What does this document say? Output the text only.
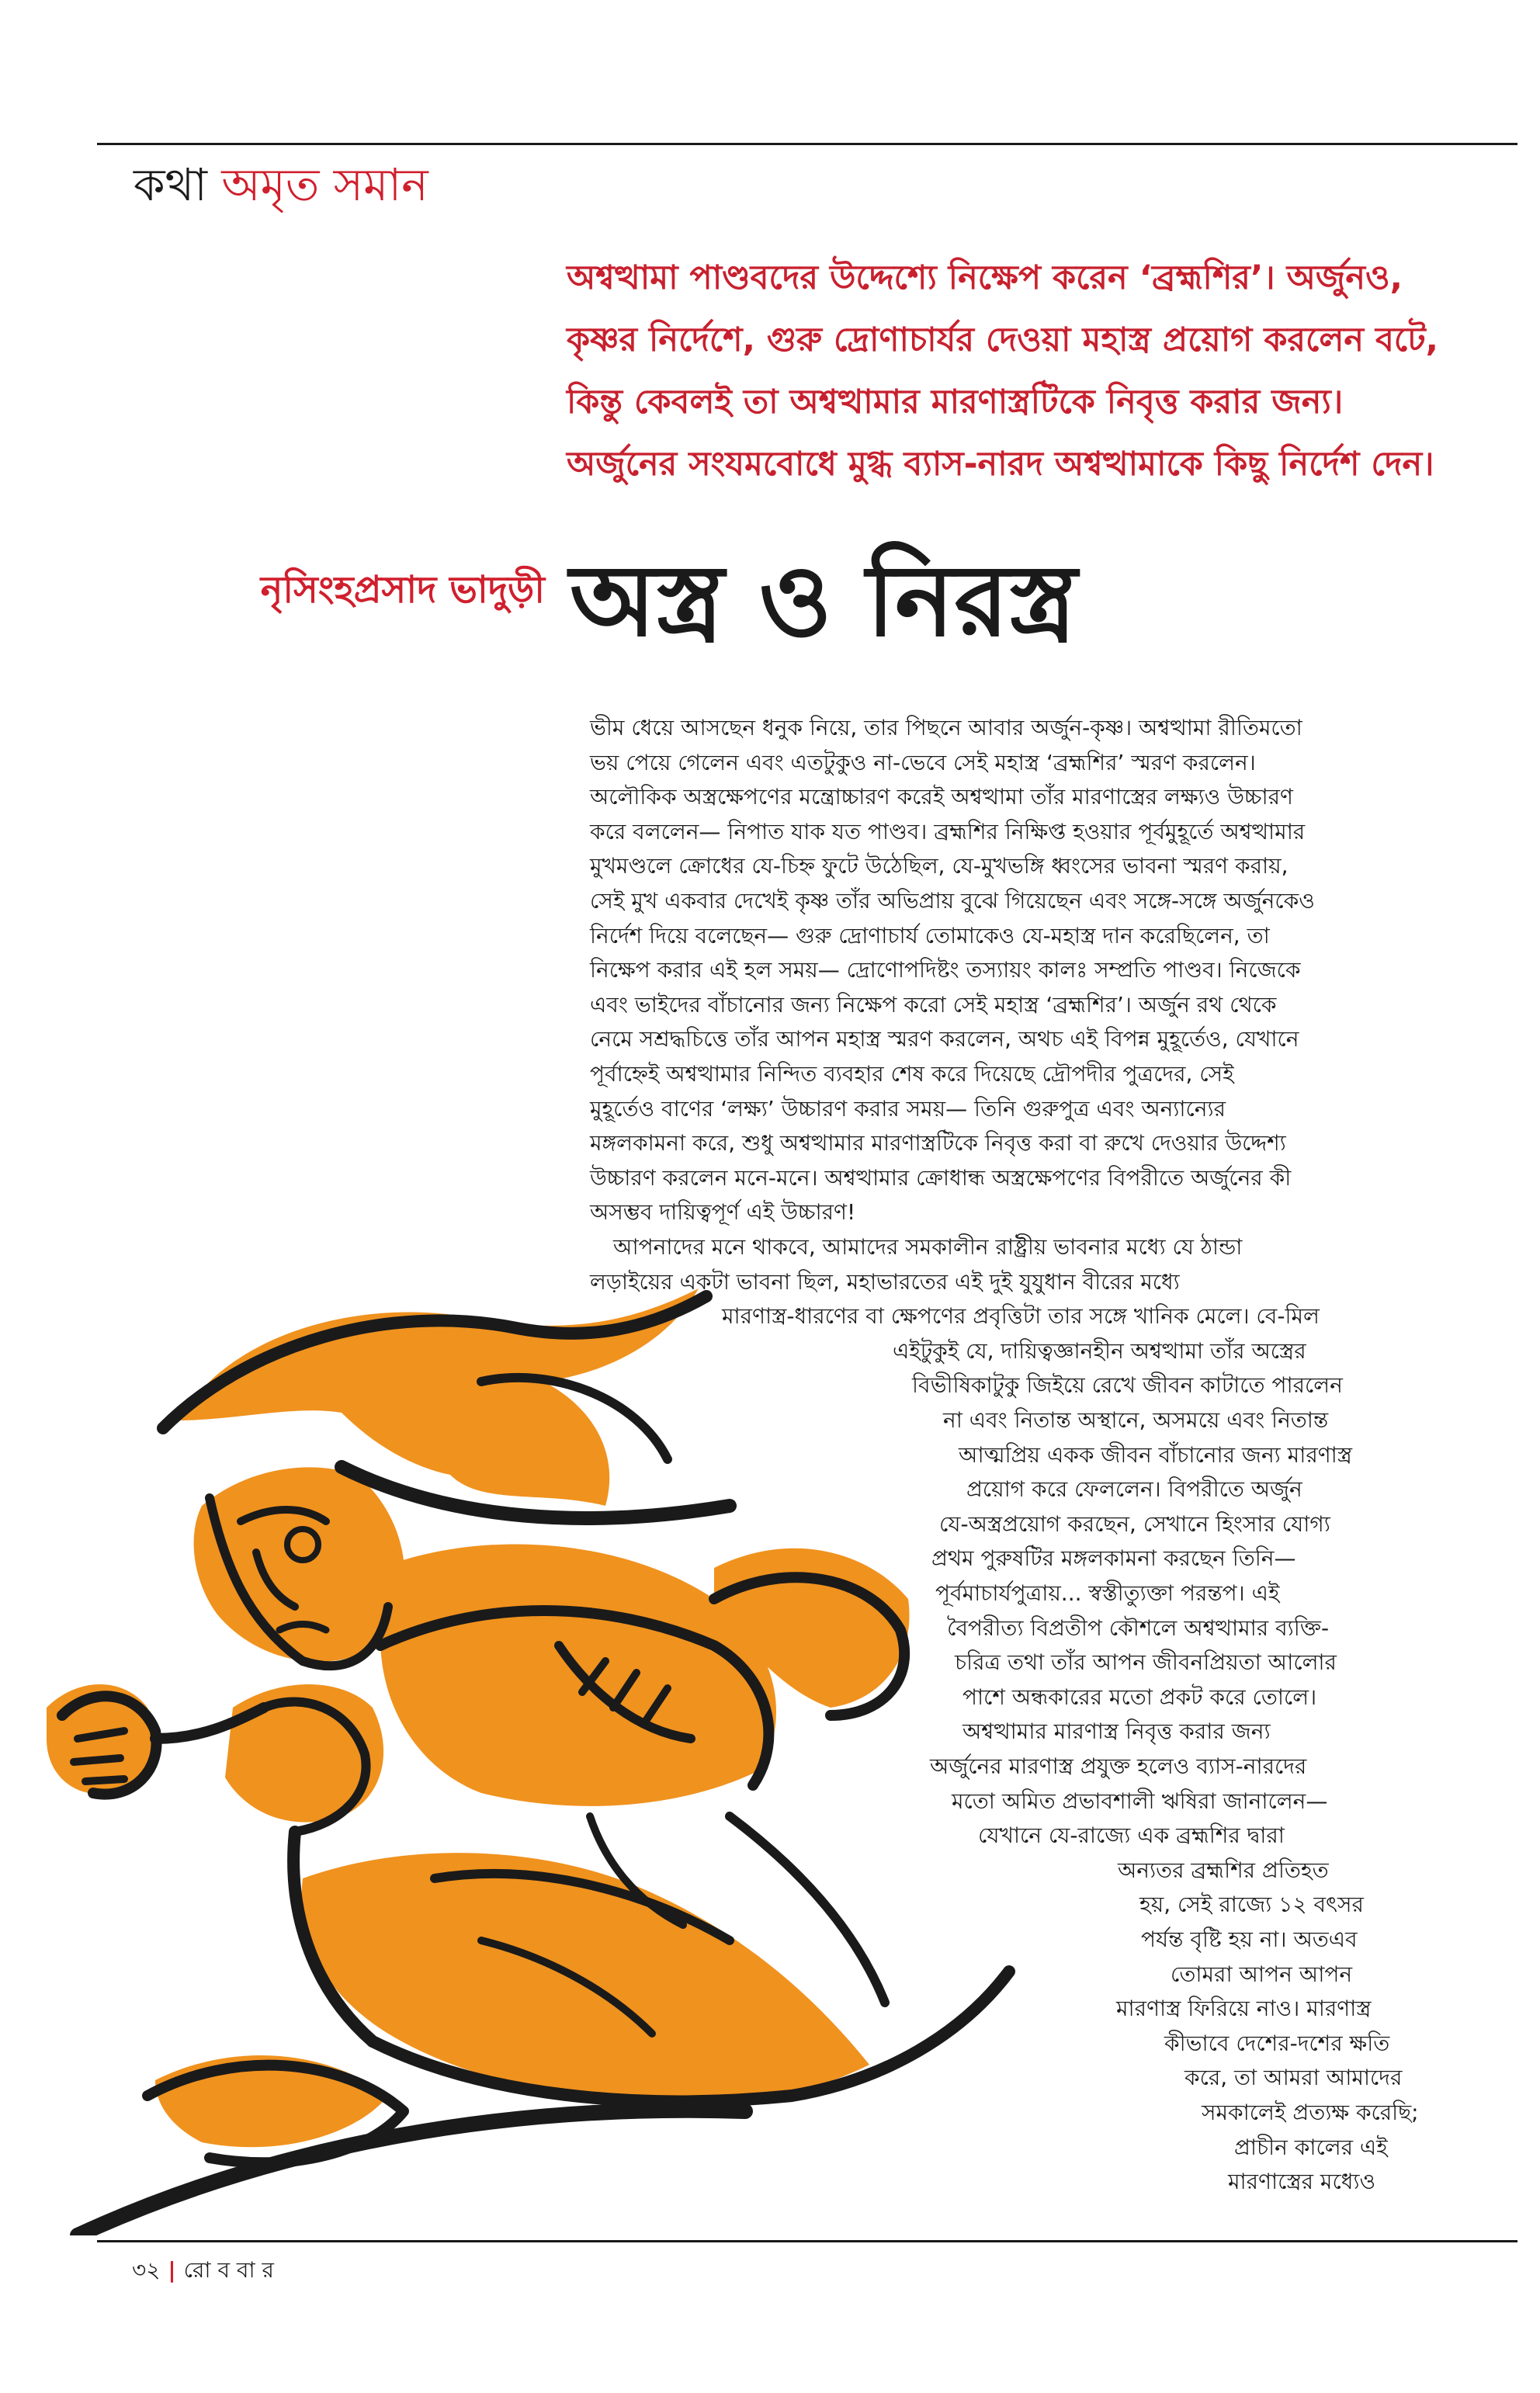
কথা অমৃত সমান

অশ্বত্থামা পাণ্ডবদের উদ্দেশ্যে নিক্ষেপ করেন ‘ব্রহ্মশির’। অর্জুনও, কৃষ্ণর নির্দেশে, গুরু দ্রোণাচার্যর দেওয়া মহাস্ত্র প্রয়োগ করলেন বটে, কিন্তু কেবলই তা অশ্বত্থামার মারণাস্ত্রটিকে নিবৃত্ত করার জন্য। অর্জুনের সংযমবোধে মুগ্ধ ব্যাস-নারদ অশ্বত্থামাকে কিছু নির্দেশ দেন।

নৃসিংহপ্রসাদ ভাদুড়ী অস্ত্র ও নিরস্ত্র
ভীম ধেয়ে আসছেন ধনুক নিয়ে, তার পিছনে আবার অর্জুন-কৃষ্ণ। অশ্বত্থামা রীতিমতো
ভয় পেয়ে গেলেন এবং এতটুকুও না-ভেবে সেই মহাস্ত্র ‘ব্রহ্মশির’ স্মরণ করলেন।
অলৌকিক অস্ত্রক্ষেপণের মন্ত্রোচ্চারণ করেই অশ্বত্থামা তাঁর মারণাস্ত্রের লক্ষ্যও উচ্চারণ
করে বললেন— নিপাত যাক যত পাণ্ডব। ব্রহ্মশির নিক্ষিপ্ত হওয়ার পূর্বমুহূর্তে অশ্বত্থামার
মুখমণ্ডলে ক্রোধের যে-চিহ্ন ফুটে উঠেছিল, যে-মুখভঙ্গি ধ্বংসের ভাবনা স্মরণ করায়,
সেই মুখ একবার দেখেই কৃষ্ণ তাঁর অভিপ্রায় বুঝে গিয়েছেন এবং সঙ্গে-সঙ্গে অর্জুনকেও
নির্দেশ দিয়ে বলেছেন— গুরু দ্রোণাচার্য তোমাকেও যে-মহাস্ত্র দান করেছিলেন, তা
নিক্ষেপ করার এই হল সময়— দ্রোণোপদিষ্টং তস্যায়ং কালঃ সম্প্রতি পাণ্ডব। নিজেকে
এবং ভাইদের বাঁচানোর জন্য নিক্ষেপ করো সেই মহাস্ত্র ‘ব্রহ্মশির’। অর্জুন রথ থেকে
নেমে সশ্রদ্ধচিত্তে তাঁর আপন মহাস্ত্র স্মরণ করলেন, অথচ এই বিপন্ন মুহূর্তেও, যেখানে
পূর্বাহ্নেই অশ্বত্থামার নিন্দিত ব্যবহার শেষ করে দিয়েছে দ্রৌপদীর পুত্রদের, সেই
মুহূর্তেও বাণের ‘লক্ষ্য’ উচ্চারণ করার সময়— তিনি গুরুপুত্র এবং অন্যান্যের
মঙ্গলকামনা করে, শুধু অশ্বত্থামার মারণাস্ত্রটিকে নিবৃত্ত করা বা রুখে দেওয়ার উদ্দেশ্য
উচ্চারণ করলেন মনে-মনে। অশ্বত্থামার ক্রোধান্ধ অস্ত্রক্ষেপণের বিপরীতে অর্জুনের কী
অসম্ভব দায়িত্বপূর্ণ এই উচ্চারণ!
আপনাদের মনে থাকবে, আমাদের সমকালীন রাষ্ট্রীয় ভাবনার মধ্যে যে ঠান্ডা
লড়াইয়ের একটা ভাবনা ছিল, মহাভারতের এই দুই যুযুধান বীরের মধ্যে
মারণাস্ত্র-ধারণের বা ক্ষেপণের প্রবৃত্তিটা তার সঙ্গে খানিক মেলে। বে-মিল
এইটুকুই যে, দায়িত্বজ্ঞানহীন অশ্বত্থামা তাঁর অস্ত্রের
বিভীষিকাটুকু জিইয়ে রেখে জীবন কাটাতে পারলেন
না এবং নিতান্ত অস্থানে, অসময়ে এবং নিতান্ত
আত্মপ্রিয় একক জীবন বাঁচানোর জন্য মারণাস্ত্র
প্রয়োগ করে ফেললেন। বিপরীতে অর্জুন
যে-অস্ত্রপ্রয়োগ করছেন, সেখানে হিংসার যোগ্য
প্রথম পুরুষটির মঙ্গলকামনা করছেন তিনি—
পূর্বমাচার্যপুত্রায়... স্বস্তীত্যুক্তা পরন্তপ। এই
বৈপরীত্য বিপ্রতীপ কৌশলে অশ্বত্থামার ব্যক্তি-
চরিত্র তথা তাঁর আপন জীবনপ্রিয়তা আলোর
পাশে অন্ধকারের মতো প্রকট করে তোলে।
অশ্বত্থামার মারণাস্ত্র নিবৃত্ত করার জন্য
অর্জুনের মারণাস্ত্র প্রযুক্ত হলেও ব্যাস-নারদের
মতো অমিত প্রভাবশালী ঋষিরা জানালেন—
যেখানে যে-রাজ্যে এক ব্রহ্মশির দ্বারা
অন্যতর ব্রহ্মশির প্রতিহত
হয়, সেই রাজ্যে ১২ বৎসর
পর্যন্ত বৃষ্টি হয় না। অতএব
তোমরা আপন আপন
মারণাস্ত্র ফিরিয়ে নাও। মারণাস্ত্র
কীভাবে দেশের-দশের ক্ষতি
করে, তা আমরা আমাদের
সমকালেই প্রত্যক্ষ করেছি;
প্রাচীন কালের এই
মারণাস্ত্রের মধ্যেও
৩২ | রো ব বা র
